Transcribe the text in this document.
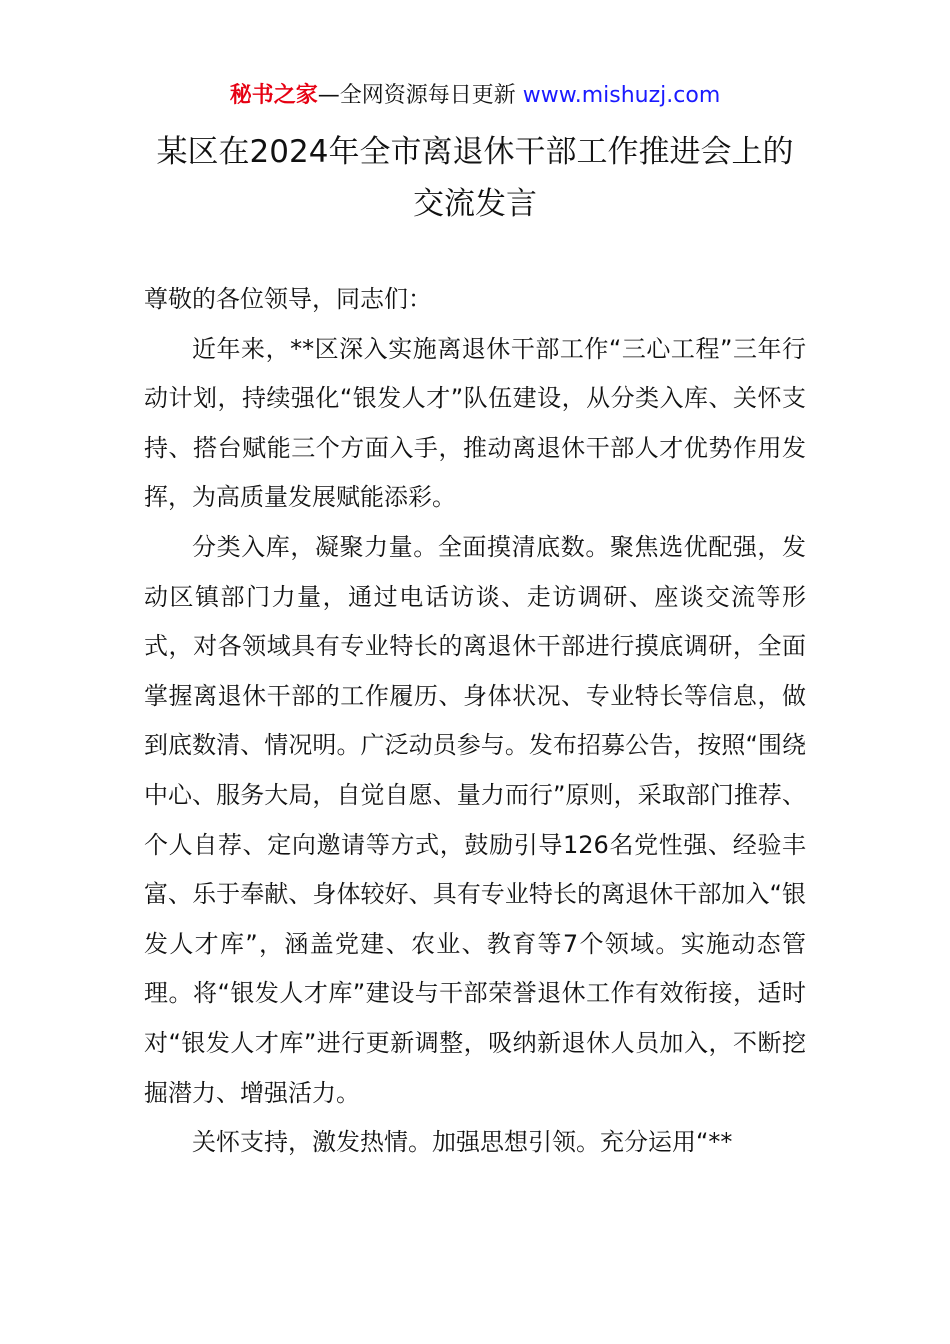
秘书之家—全网资源每日更新 www.mishuzj.com
某区在2024年全市离退休干部工作推进会上的
交流发言

尊敬的各位领导，同志们：

近年来，**区深入实施离退休干部工作“三心工程”三年行动计划，持续强化“银发人才”队伍建设，从分类入库、关怀支持、搭台赋能三个方面入手，推动离退休干部人才优势作用发挥，为高质量发展赋能添彩。

分类入库，凝聚力量。全面摸清底数。聚焦选优配强，发动区镇部门力量，通过电话访谈、走访调研、座谈交流等形式，对各领域具有专业特长的离退休干部进行摸底调研，全面掌握离退休干部的工作履历、身体状况、专业特长等信息，做到底数清、情况明。广泛动员参与。发布招募公告，按照“围绕中心、服务大局，自觉自愿、量力而行”原则，采取部门推荐、个人自荐、定向邀请等方式，鼓励引导126名党性强、经验丰富、乐于奉献、身体较好、具有专业特长的离退休干部加入“银发人才库”，涵盖党建、农业、教育等7个领域。实施动态管理。将“银发人才库”建设与干部荣誉退休工作有效衔接，适时对“银发人才库”进行更新调整，吸纳新退休人员加入，不断挖掘潜力、增强活力。

关怀支持，激发热情。加强思想引领。充分运用“**
